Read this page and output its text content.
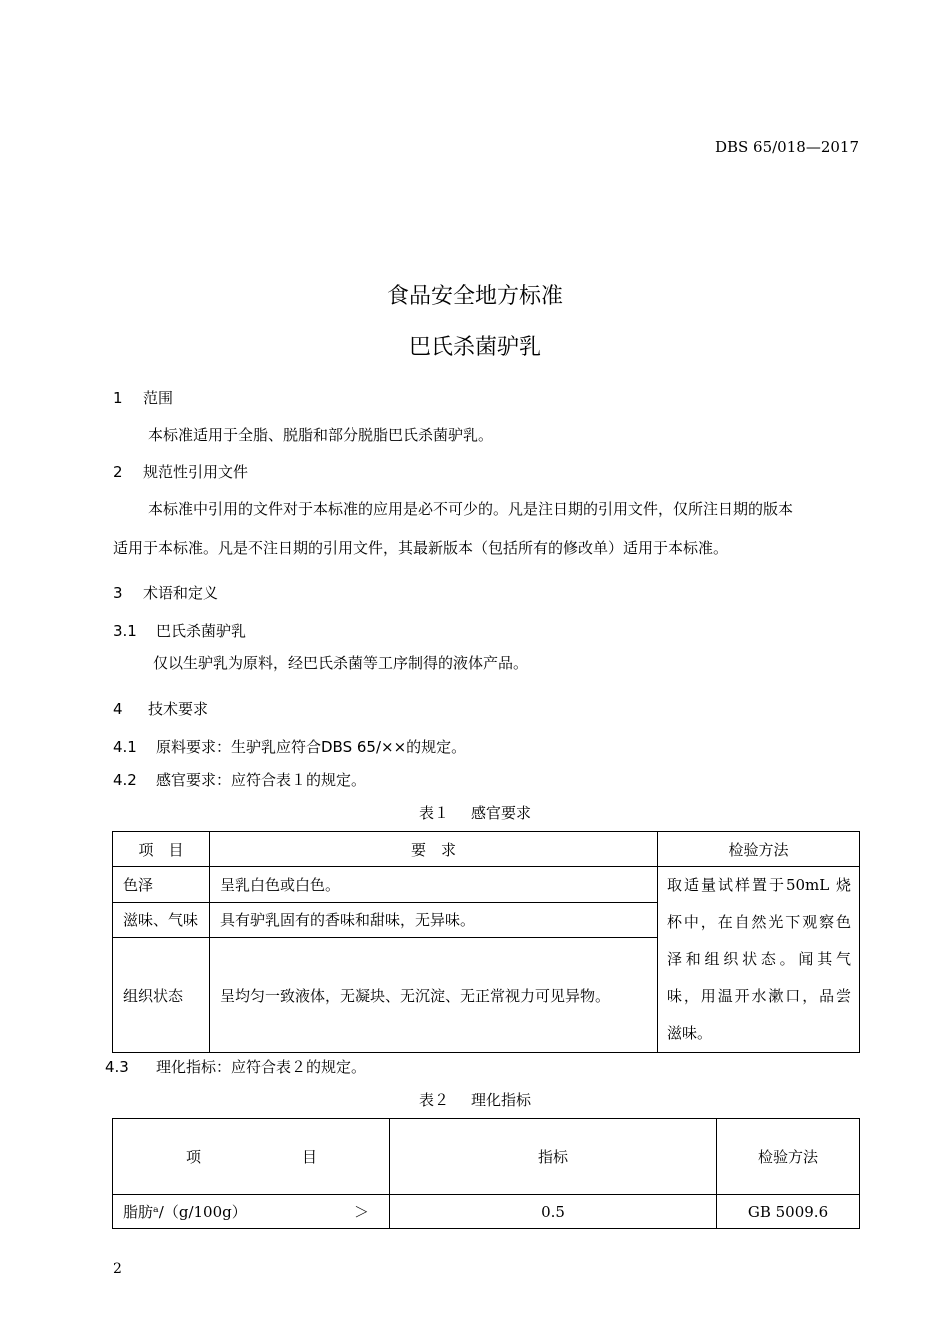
DBS 65/018—2017
食品安全地方标准
巴氏杀菌驴乳
1 范围
本标准适用于全脂、脱脂和部分脱脂巴氏杀菌驴乳。
2 规范性引用文件
本标准中引用的文件对于本标准的应用是必不可少的。凡是注日期的引用文件，仅所注日期的版本
适用于本标准。凡是不注日期的引用文件，其最新版本（包括所有的修改单）适用于本标准。
3 术语和定义
3.1 巴氏杀菌驴乳
仅以生驴乳为原料，经巴氏杀菌等工序制得的液体产品。
4 技术要求
4.1 原料要求：生驴乳应符合DBS 65/××的规定。
4.2 感官要求：应符合表１的规定。
表１ 感官要求
项　目	要　求	检验方法
色泽	呈乳白色或白色。	取适量试样置于50mL 烧
杯中，在自然光下观察色
泽和组织状态。闻其气
味，用温开水漱口，品尝
滋味。

滋味、气味	具有驴乳固有的香味和甜味，无异味。	
组织状态	呈均匀一致液体，无凝块、无沉淀、无正常视力可见异物。	
4.3 理化指标：应符合表２的规定。
表２ 理化指标
项 目	指标	检验方法

脂肪ᵃ/（g/100g） ＞	0.5	GB 5009.6
2
